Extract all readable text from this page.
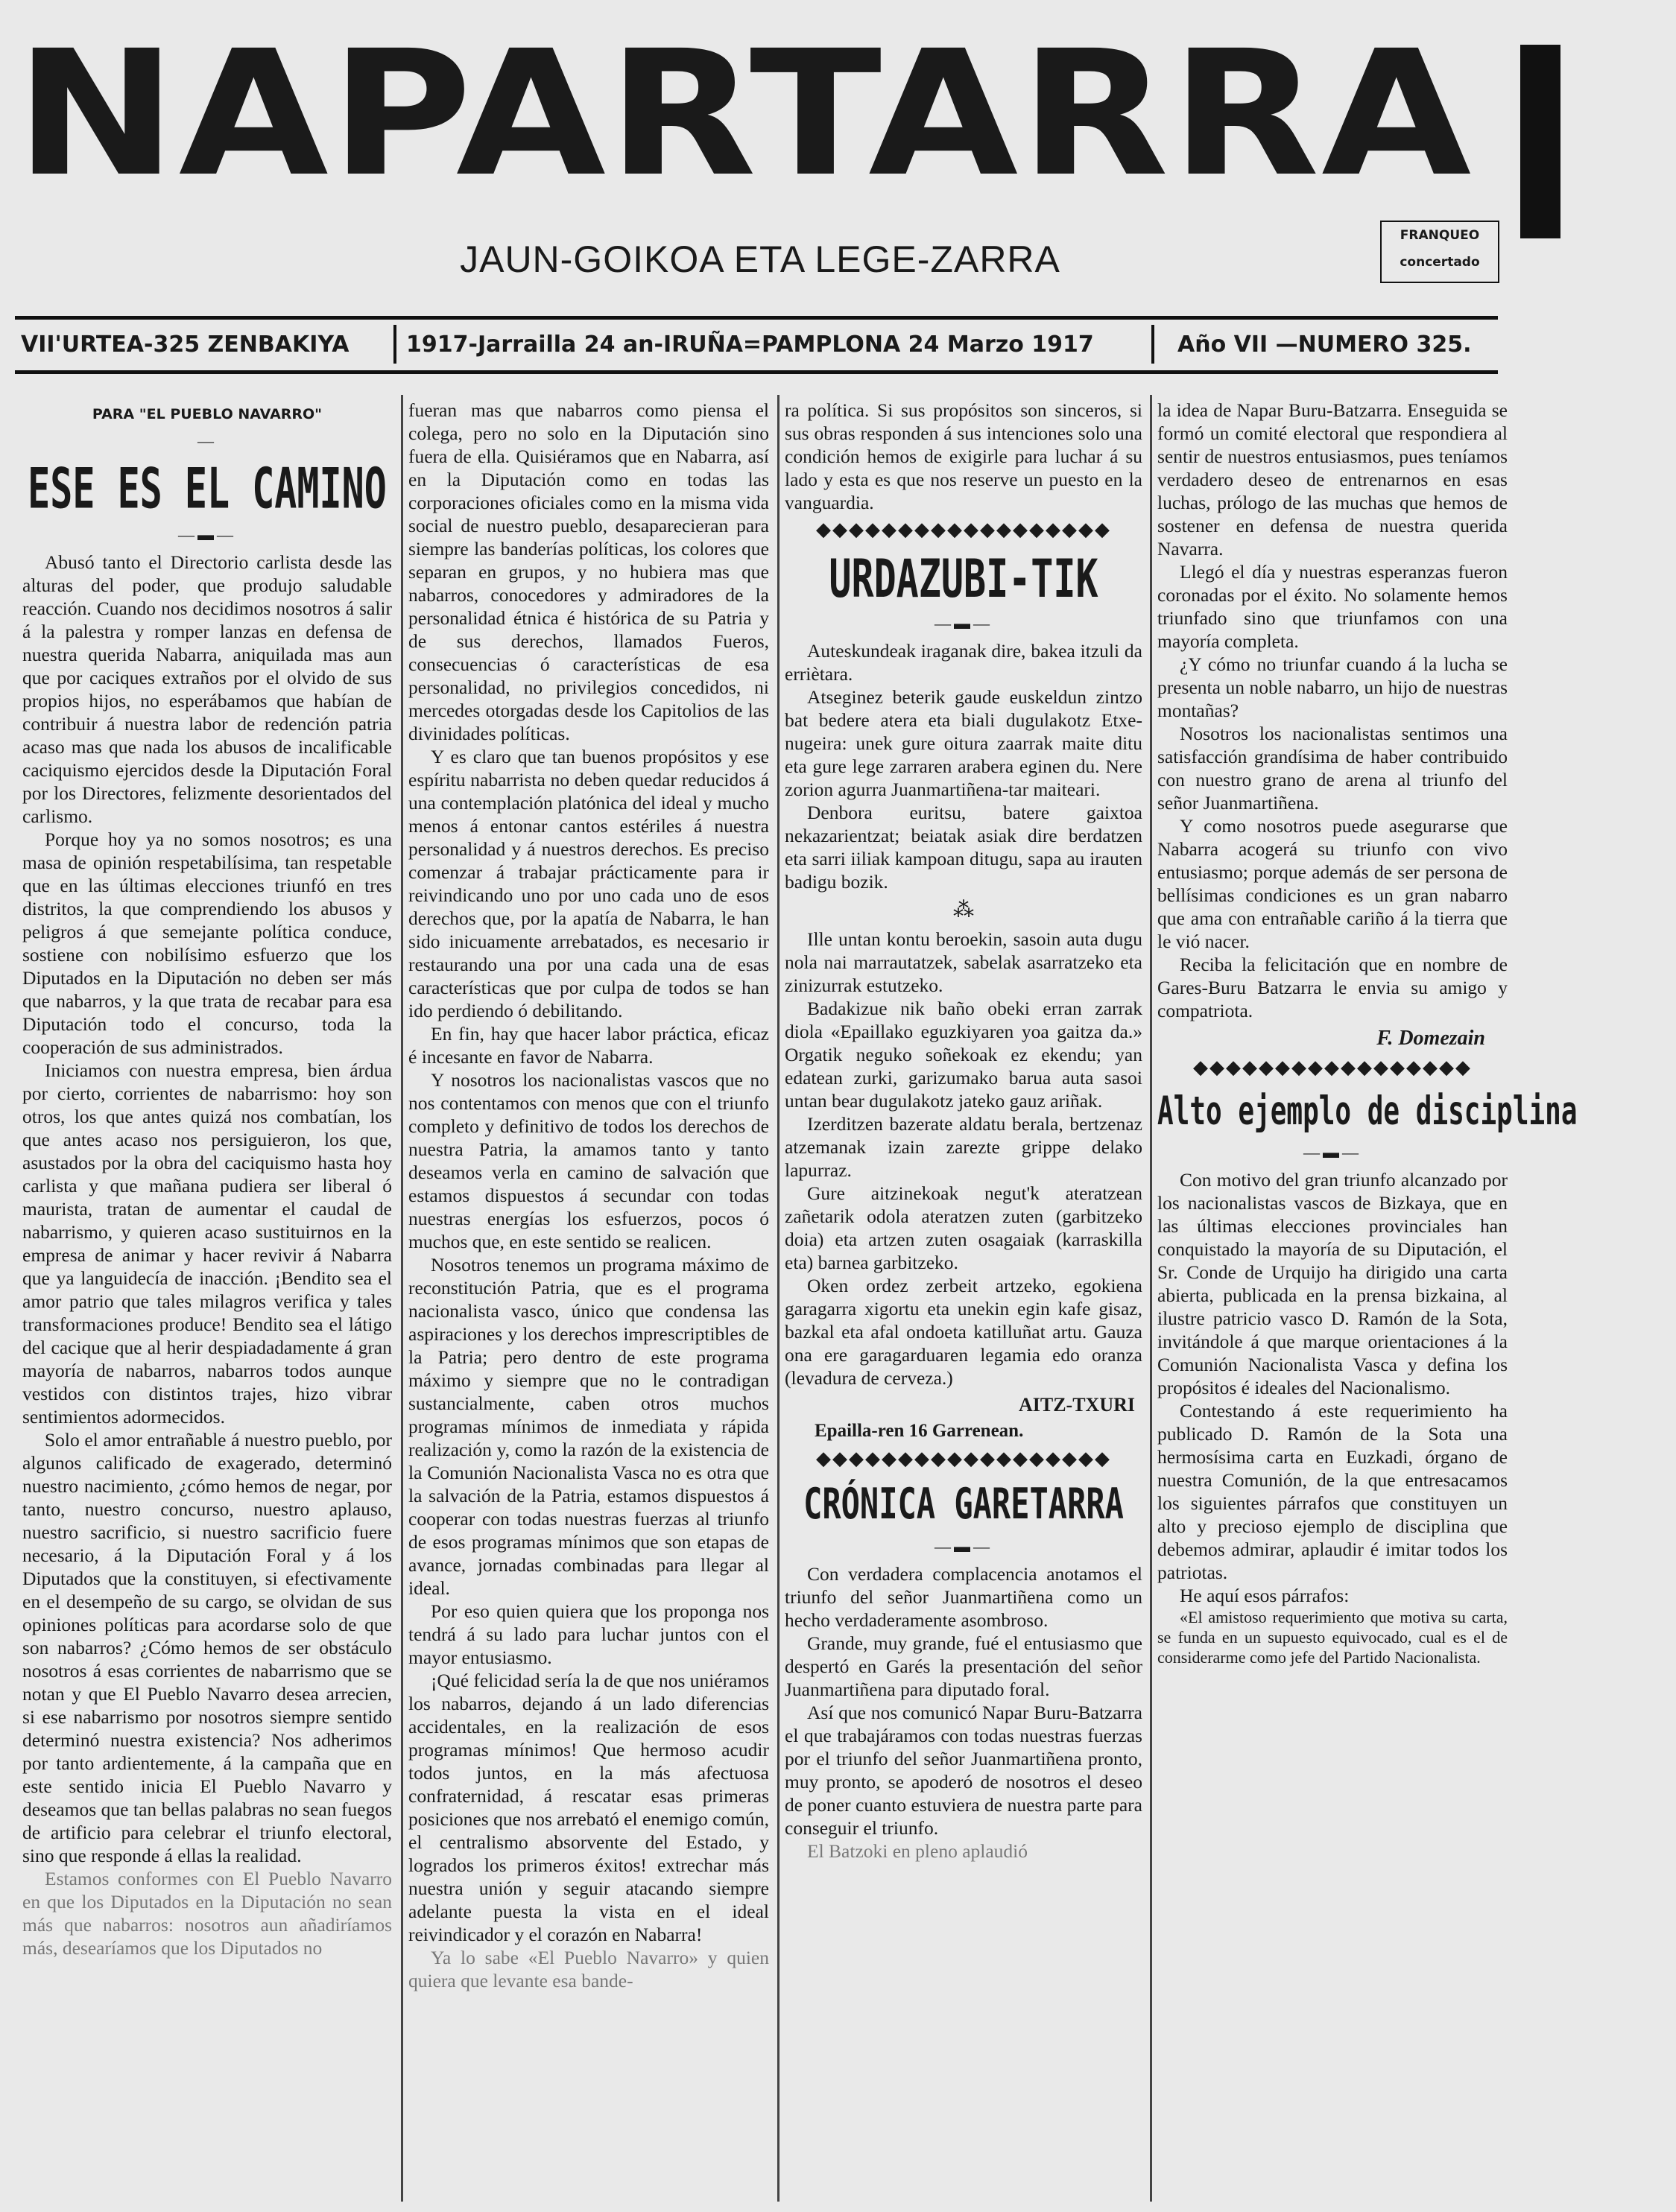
NAPARTARRA
JAUN-GOIKOA ETA LEGE-ZARRA
FRANQUEO
concertado
VII'URTEA-325 ZENBAKIYA	1917-Jarrailla 24 an-IRUÑA=PAMPLONA 24 Marzo 1917	Año VII —NUMERO 325.
PARA "EL PUEBLO NAVARRO"
—
ESE ES EL CAMINO
—▬—

Abusó tanto el Directorio carlista desde las alturas del poder, que produjo saludable reacción. Cuando nos decidimos nosotros á salir á la palestra y romper lanzas en defensa de nuestra querida Nabarra, aniquilada mas aun que por caciques extraños por el olvido de sus propios hijos, no esperábamos que habían de contribuir á nuestra labor de redención patria acaso mas que nada los abusos de incalificable caciquismo ejercidos desde la Diputación Foral por los Directores, felizmente desorientados del carlismo.

Porque hoy ya no somos nosotros; es una masa de opinión respetabilísima, tan respetable que en las últimas elecciones triunfó en tres distritos, la que comprendiendo los abusos y peligros á que semejante política conduce, sostiene con nobilísimo esfuerzo que los Diputados en la Diputación no deben ser más que nabarros, y la que trata de recabar para esa Diputación todo el concurso, toda la cooperación de sus administrados.

Iniciamos con nuestra empresa, bien árdua por cierto, corrientes de nabarrismo: hoy son otros, los que antes quizá nos combatían, los que antes acaso nos persiguieron, los que, asustados por la obra del caciquismo hasta hoy carlista y que mañana pudiera ser liberal ó maurista, tratan de aumentar el caudal de nabarrismo, y quieren acaso sustituirnos en la empresa de animar y hacer revivir á Nabarra que ya languidecía de inacción. ¡Bendito sea el amor patrio que tales milagros verifica y tales transformaciones produce! Bendito sea el látigo del cacique que al herir despiadadamente á gran mayoría de nabarros, nabarros todos aunque vestidos con distintos trajes, hizo vibrar sentimientos adormecidos.

Solo el amor entrañable á nuestro pueblo, por algunos calificado de exagerado, determinó nuestro nacimiento, ¿cómo hemos de negar, por tanto, nuestro concurso, nuestro aplauso, nuestro sacrificio, si nuestro sacrificio fuere necesario, á la Diputación Foral y á los Diputados que la constituyen, si efectivamente en el desempeño de su cargo, se olvidan de sus opiniones políticas para acordarse solo de que son nabarros? ¿Cómo hemos de ser obstáculo nosotros á esas corrientes de nabarrismo que se notan y que El Pueblo Navarro desea arrecien, si ese nabarrismo por nosotros siempre sentido determinó nuestra existencia? Nos adherimos por tanto ardientemente, á la campaña que en este sentido inicia El Pueblo Navarro y deseamos que tan bellas palabras no sean fuegos de artificio para celebrar el triunfo electoral, sino que responde á ellas la realidad.

Estamos conformes con El Pueblo Navarro en que los Diputados en la Diputación no sean más que nabarros: nosotros aun añadiríamos más, desearíamos que los Diputados no

fueran mas que nabarros como piensa el colega, pero no solo en la Diputación sino fuera de ella. Quisiéramos que en Nabarra, así en la Diputación como en todas las corporaciones oficiales como en la misma vida social de nuestro pueblo, desaparecieran para siempre las banderías políticas, los colores que separan en grupos, y no hubiera mas que nabarros, conocedores y admiradores de la personalidad étnica é histórica de su Patria y de sus derechos, llamados Fueros, consecuencias ó características de esa personalidad, no privilegios concedidos, ni mercedes otorgadas desde los Capitolios de las divinidades políticas.

Y es claro que tan buenos propósitos y ese espíritu nabarrista no deben quedar reducidos á una contemplación platónica del ideal y mucho menos á entonar cantos estériles á nuestra personalidad y á nuestros derechos. Es preciso comenzar á trabajar prácticamente para ir reivindicando uno por uno cada uno de esos derechos que, por la apatía de Nabarra, le han sido inicuamente arrebatados, es necesario ir restaurando una por una cada una de esas características que por culpa de todos se han ido perdiendo ó debilitando.

En fin, hay que hacer labor práctica, eficaz é incesante en favor de Nabarra.

Y nosotros los nacionalistas vascos que no nos contentamos con menos que con el triunfo completo y definitivo de todos los derechos de nuestra Patria, la amamos tanto y tanto deseamos verla en camino de salvación que estamos dispuestos á secundar con todas nuestras energías los esfuerzos, pocos ó muchos que, en este sentido se realicen.

Nosotros tenemos un programa máximo de reconstitución Patria, que es el programa nacionalista vasco, único que condensa las aspiraciones y los derechos imprescriptibles de la Patria; pero dentro de este programa máximo y siempre que no le contradigan sustancialmente, caben otros muchos programas mínimos de inmediata y rápida realización y, como la razón de la existencia de la Comunión Nacionalista Vasca no es otra que la salvación de la Patria, estamos dispuestos á cooperar con todas nuestras fuerzas al triunfo de esos programas mínimos que son etapas de avance, jornadas combinadas para llegar al ideal.

Por eso quien quiera que los proponga nos tendrá á su lado para luchar juntos con el mayor entusiasmo.

¡Qué felicidad sería la de que nos uniéramos los nabarros, dejando á un lado diferencias accidentales, en la realización de esos programas mínimos! Que hermoso acudir todos juntos, en la más afectuosa confraternidad, á rescatar esas primeras posiciones que nos arrebató el enemigo común, el centralismo absorvente del Estado, y logrados los primeros éxitos! extrechar más nuestra unión y seguir atacando siempre adelante puesta la vista en el ideal reivindicador y el corazón en Nabarra!

Ya lo sabe «El Pueblo Navarro» y quien quiera que levante esa bande-

ra política. Si sus propósitos son sinceros, si sus obras responden á sus intenciones solo una condición hemos de exigirle para luchar á su lado y esta es que nos reserve un puesto en la vanguardia.

◆◆◆◆◆◆◆◆◆◆◆◆◆◆◆◆◆◆
URDAZUBI-TIK
—▬—

Auteskundeak iraganak dire, bakea itzuli da erriètara.

Atseginez beterik gaude euskeldun zintzo bat bedere atera eta biali dugulakotz Etxe-nugeira: unek gure oitura zaarrak maite ditu eta gure lege zarraren arabera eginen du. Nere zorion agurra Juanmartiñena-tar maiteari.

Denbora euritsu, batere gaixtoa nekazarientzat; beiatak asiak dire berdatzen eta sarri iiliak kampoan ditugu, sapa au irauten badigu bozik.

⁂

Ille untan kontu beroekin, sasoin auta dugu nola nai marrautatzek, sabelak asarratzeko eta zinizurrak estutzeko.

Badakizue nik baño obeki erran zarrak diola «Epaillako eguzkiyaren yoa gaitza da.» Orgatik neguko soñekoak ez ekendu; yan edatean zurki, garizumako barua auta sasoi untan bear dugulakotz jateko gauz ariñak.

Izerditzen bazerate aldatu berala, bertzenaz atzemanak izain zarezte grippe delako lapurraz.

Gure aitzinekoak negut'k ateratzean zañetarik odola ateratzen zuten (garbitzeko doia) eta artzen zuten osagaiak (karraskilla eta) barnea garbitzeko.

Oken ordez zerbeit artzeko, egokiena garagarra xigortu eta unekin egin kafe gisaz, bazkal eta afal ondoeta katilluñat artu. Gauza ona ere garagarduaren legamia edo oranza (levadura de cerveza.)

AITZ-TXURI
Epailla-ren 16 Garrenean.
◆◆◆◆◆◆◆◆◆◆◆◆◆◆◆◆◆◆
CRÓNICA GARETARRA
—▬—

Con verdadera complacencia anotamos el triunfo del señor Juanmartiñena como un hecho verdaderamente asombroso.

Grande, muy grande, fué el entusiasmo que despertó en Garés la presentación del señor Juanmartiñena para diputado foral.

Así que nos comunicó Napar Buru-Batzarra el que trabajáramos con todas nuestras fuerzas por el triunfo del señor Juanmartiñena pronto, muy pronto, se apoderó de nosotros el deseo de poner cuanto estuviera de nuestra parte para conseguir el triunfo.

El Batzoki en pleno aplaudió

la idea de Napar Buru-Batzarra. Enseguida se formó un comité electoral que respondiera al sentir de nuestros entusiasmos, pues teníamos verdadero deseo de entrenarnos en esas luchas, prólogo de las muchas que hemos de sostener en defensa de nuestra querida Navarra.

Llegó el día y nuestras esperanzas fueron coronadas por el éxito. No solamente hemos triunfado sino que triunfamos con una mayoría completa.

¿Y cómo no triunfar cuando á la lucha se presenta un noble nabarro, un hijo de nuestras montañas?

Nosotros los nacionalistas sentimos una satisfacción grandísima de haber contribuido con nuestro grano de arena al triunfo del señor Juanmartiñena.

Y como nosotros puede asegurarse que Nabarra acogerá su triunfo con vivo entusiasmo; porque además de ser persona de bellísimas condiciones es un gran nabarro que ama con entrañable cariño á la tierra que le vió nacer.

Reciba la felicitación que en nombre de Gares-Buru Batzarra le envia su amigo y compatriota.

F. Domezain
◆◆◆◆◆◆◆◆◆◆◆◆◆◆◆◆◆
Alto ejemplo de disciplina
—▬—

Con motivo del gran triunfo alcanzado por los nacionalistas vascos de Bizkaya, que en las últimas elecciones provinciales han conquistado la mayoría de su Diputación, el Sr. Conde de Urquijo ha dirigido una carta abierta, publicada en la prensa bizkaina, al ilustre patricio vasco D. Ramón de la Sota, invitándole á que marque orientaciones á la Comunión Nacionalista Vasca y defina los propósitos é ideales del Nacionalismo.

Contestando á este requerimiento ha publicado D. Ramón de la Sota una hermosísima carta en Euzkadi, órgano de nuestra Comunión, de la que entresacamos los siguientes párrafos que constituyen un alto y precioso ejemplo de disciplina que debemos admirar, aplaudir é imitar todos los patriotas.

He aquí esos párrafos:

«El amistoso requerimiento que motiva su carta, se funda en un supuesto equivocado, cual es el de considerarme como jefe del Partido Nacionalista.
